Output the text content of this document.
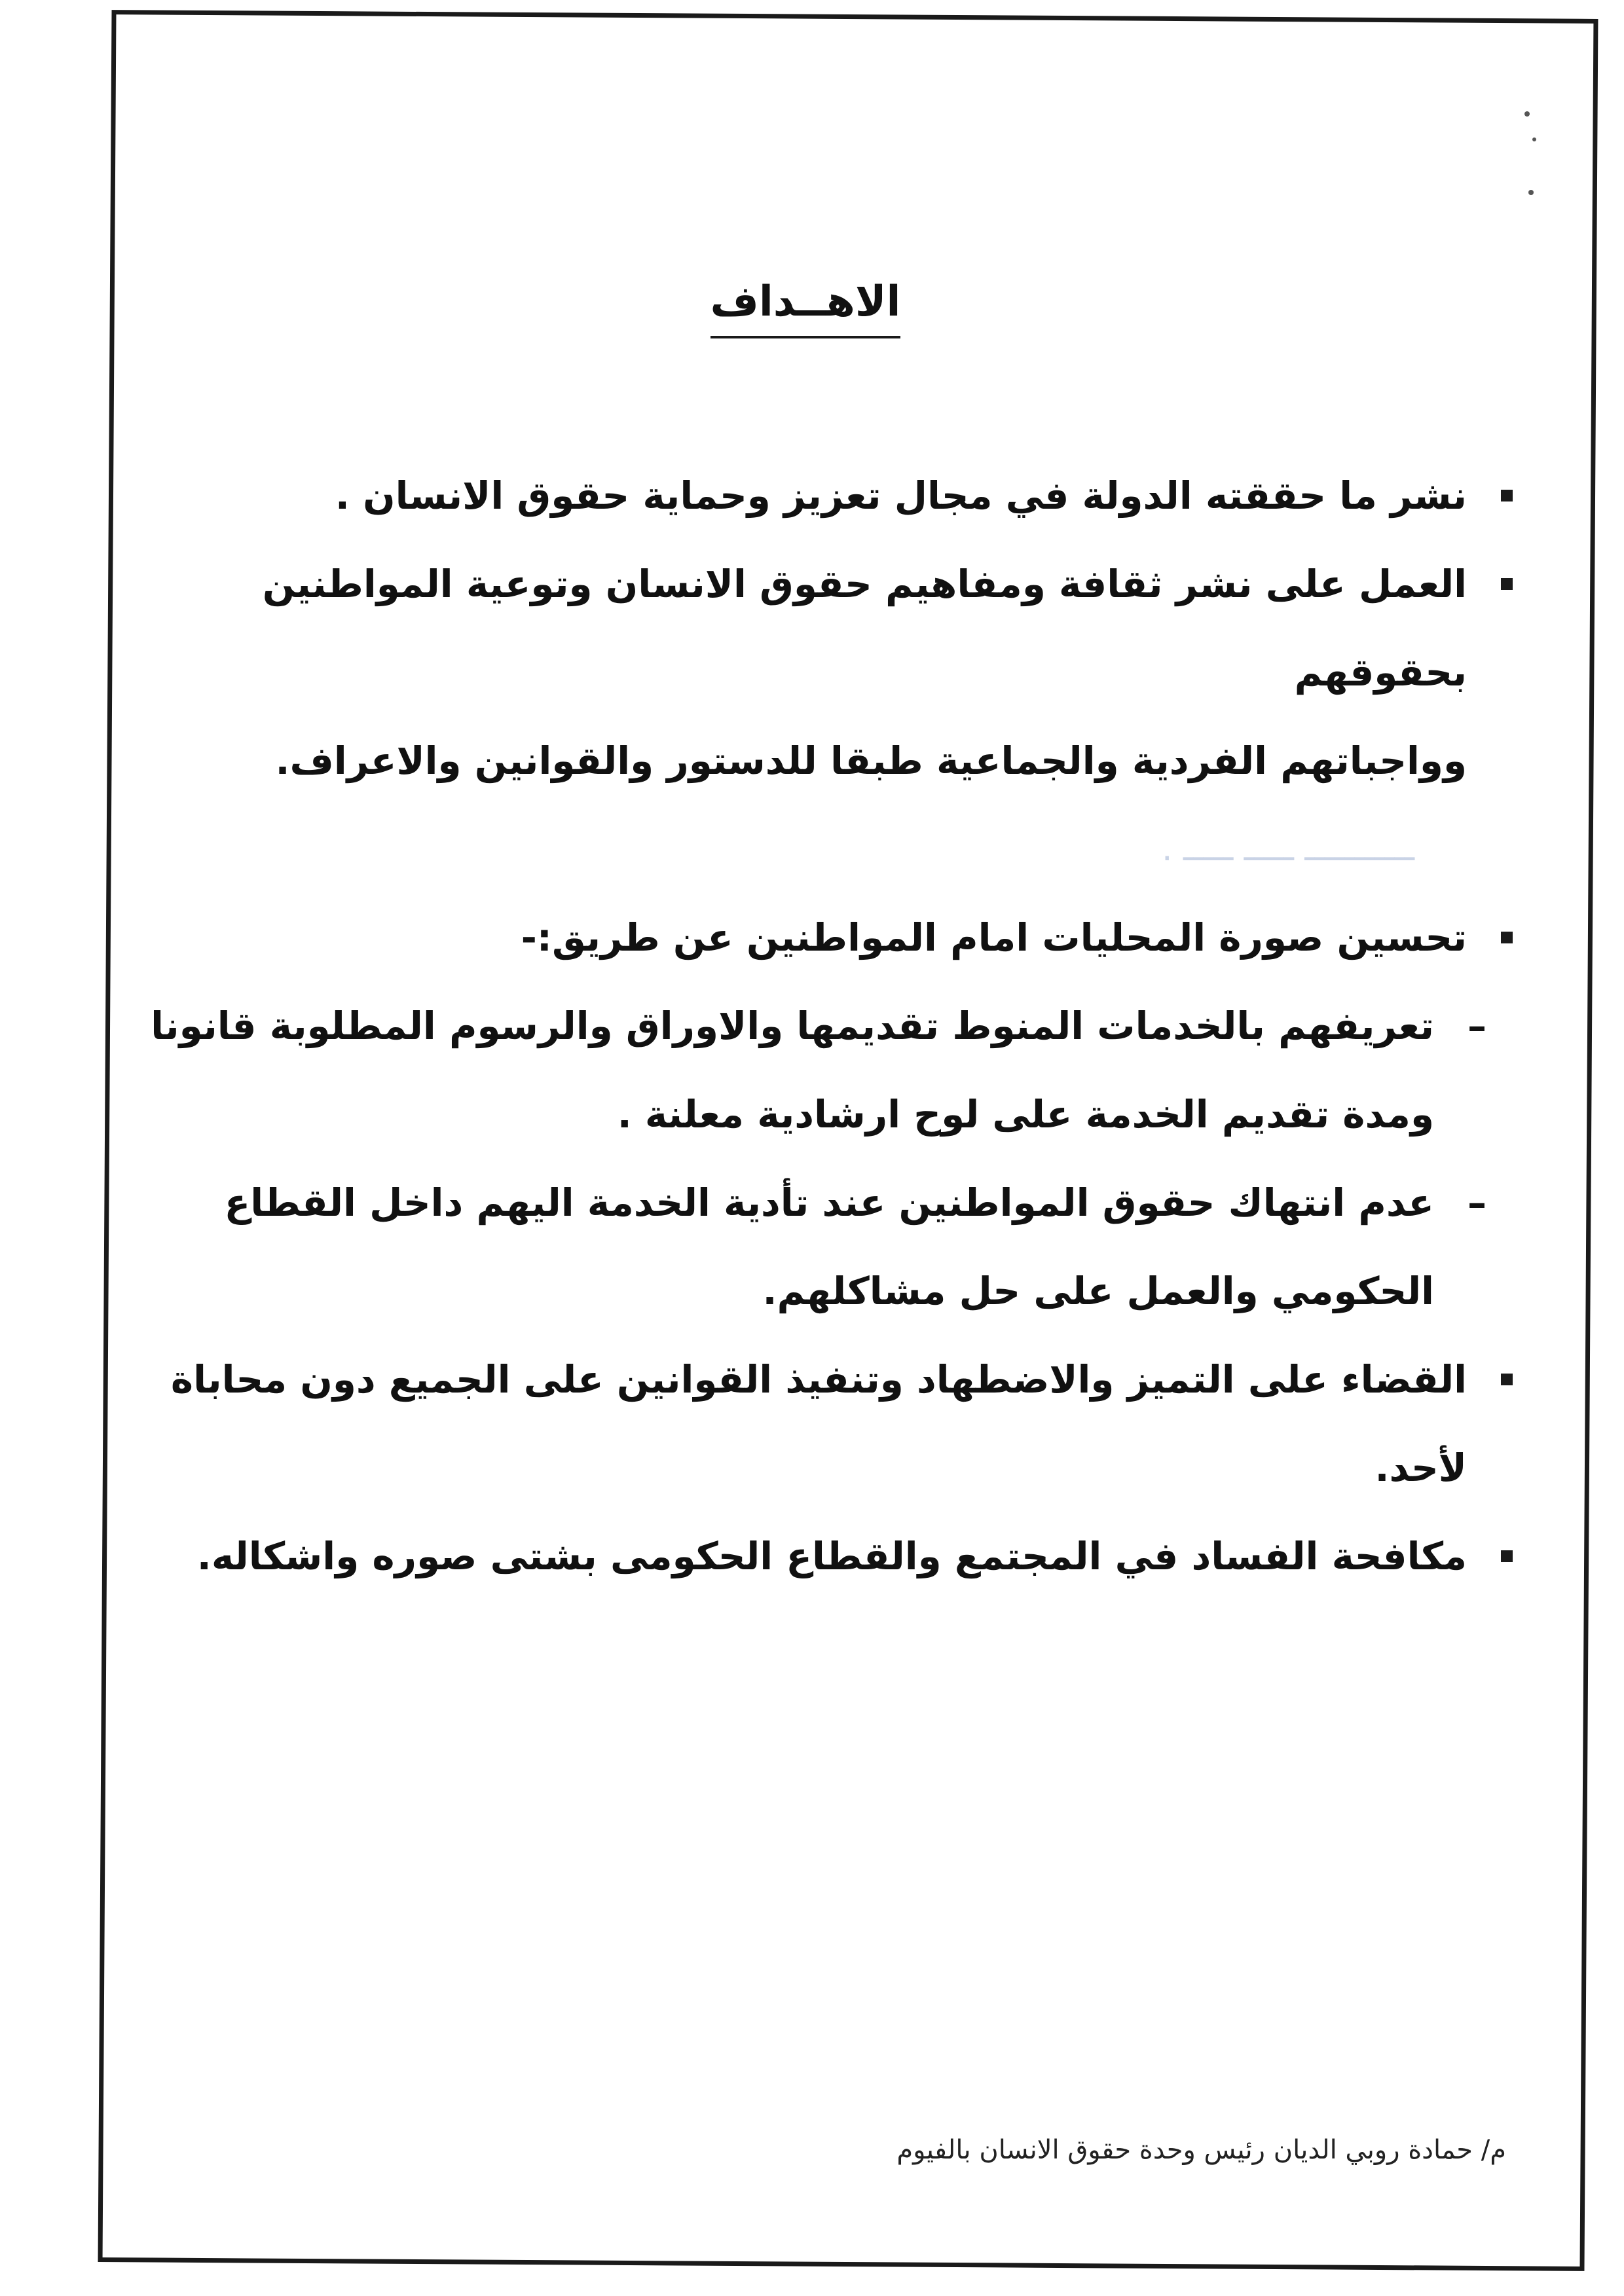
الاهــداف
نشر ما حققته الدولة في مجال تعزيز وحماية حقوق الانسان .
العمل على نشر ثقافة ومفاهيم حقوق الانسان وتوعية المواطنين بحقوقهم
وواجباتهم الفردية والجماعية طبقا للدستور والقوانين والاعراف.
ـــــــــــ ـــــ ـــــ .
تحسين صورة المحليات امام المواطنين عن طريق:-
–
تعريفهم بالخدمات المنوط تقديمها والاوراق والرسوم المطلوبة قانونا
ومدة تقديم الخدمة على لوح ارشادية معلنة .
–
عدم انتهاك حقوق المواطنين عند تأدية الخدمة اليهم داخل القطاع
الحكومي والعمل على حل مشاكلهم.
القضاء على التميز والاضطهاد وتنفيذ القوانين على الجميع دون محاباة
لأحد.
مكافحة الفساد في المجتمع والقطاع الحكومى بشتى صوره واشكاله.
م/ حمادة روبي الديان رئيس وحدة حقوق الانسان بالفيوم
